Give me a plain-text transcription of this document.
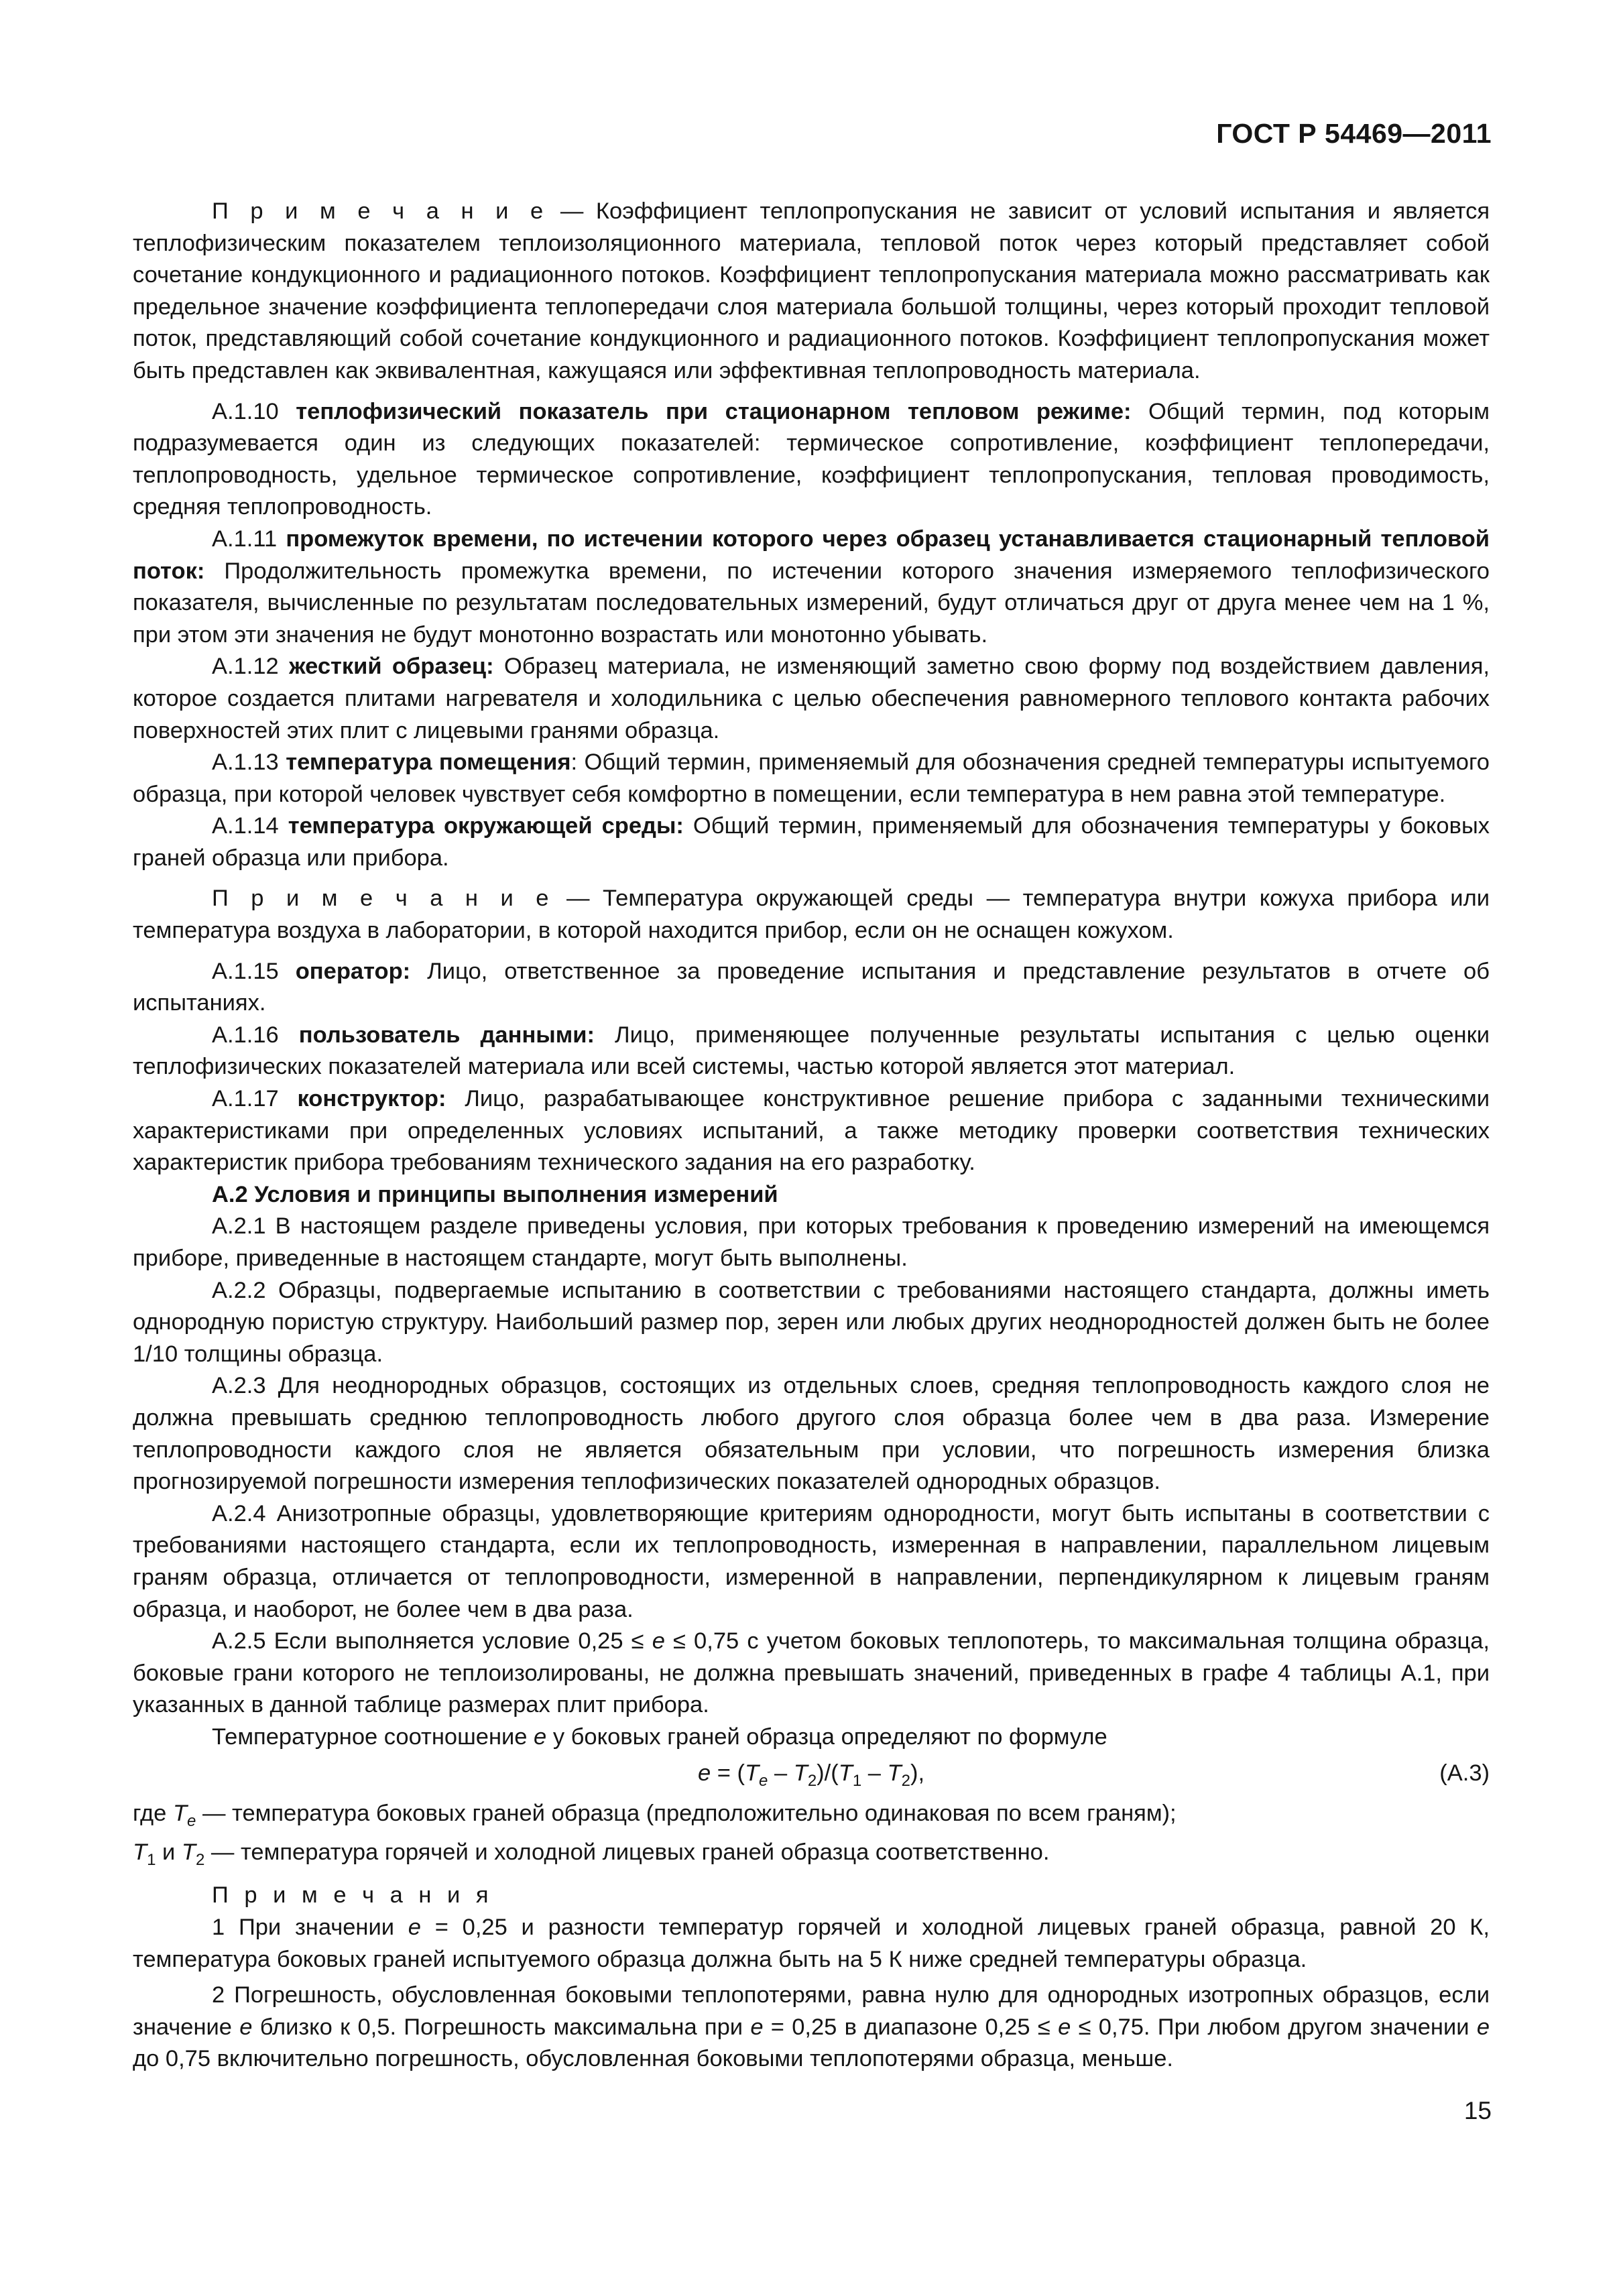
ГОСТ Р 54469—2011

П р и м е ч а н и е — Коэффициент теплопропускания не зависит от условий испытания и является теплофизическим показателем теплоизоляционного материала, тепловой поток через который представляет собой сочетание кондукционного и радиационного потоков. Коэффициент теплопропускания материала можно рассматривать как предельное значение коэффициента теплопередачи слоя материала большой толщины, через который проходит тепловой поток, представляющий собой сочетание кондукционного и радиационного потоков. Коэффициент теплопропускания может быть представлен как эквивалентная, кажущаяся или эффективная теплопроводность материала.

А.1.10 теплофизический показатель при стационарном тепловом режиме: Общий термин, под которым подразумевается один из следующих показателей: термическое сопротивление, коэффициент теплопередачи, теплопроводность, удельное термическое сопротивление, коэффициент теплопропускания, тепловая проводимость, средняя теплопроводность.

А.1.11 промежуток времени, по истечении которого через образец устанавливается стационарный тепловой поток: Продолжительность промежутка времени, по истечении которого значения измеряемого теплофизического показателя, вычисленные по результатам последовательных измерений, будут отличаться друг от друга менее чем на 1 %, при этом эти значения не будут монотонно возрастать или монотонно убывать.

А.1.12 жесткий образец: Образец материала, не изменяющий заметно свою форму под воздействием давления, которое создается плитами нагревателя и холодильника с целью обеспечения равномерного теплового контакта рабочих поверхностей этих плит с лицевыми гранями образца.

А.1.13 температура помещения: Общий термин, применяемый для обозначения средней температуры испытуемого образца, при которой человек чувствует себя комфортно в помещении, если температура в нем равна этой температуре.

А.1.14 температура окружающей среды: Общий термин, применяемый для обозначения температуры у боковых граней образца или прибора.

П р и м е ч а н и е — Температура окружающей среды — температура внутри кожуха прибора или температура воздуха в лаборатории, в которой находится прибор, если он не оснащен кожухом.

А.1.15 оператор: Лицо, ответственное за проведение испытания и представление результатов в отчете об испытаниях.

А.1.16 пользователь данными: Лицо, применяющее полученные результаты испытания с целью оценки теплофизических показателей материала или всей системы, частью которой является этот материал.

А.1.17 конструктор: Лицо, разрабатывающее конструктивное решение прибора с заданными техническими характеристиками при определенных условиях испытаний, а также методику проверки соответствия технических характеристик прибора требованиям технического задания на его разработку.

А.2 Условия и принципы выполнения измерений

А.2.1 В настоящем разделе приведены условия, при которых требования к проведению измерений на имеющемся приборе, приведенные в настоящем стандарте, могут быть выполнены.

А.2.2 Образцы, подвергаемые испытанию в соответствии с требованиями настоящего стандарта, должны иметь однородную пористую структуру. Наибольший размер пор, зерен или любых других неоднородностей должен быть не более 1/10 толщины образца.

А.2.3 Для неоднородных образцов, состоящих из отдельных слоев, средняя теплопроводность каждого слоя не должна превышать среднюю теплопроводность любого другого слоя образца более чем в два раза. Измерение теплопроводности каждого слоя не является обязательным при условии, что погрешность измерения близка прогнозируемой погрешности измерения теплофизических показателей однородных образцов.

А.2.4 Анизотропные образцы, удовлетворяющие критериям однородности, могут быть испытаны в соответствии с требованиями настоящего стандарта, если их теплопроводность, измеренная в направлении, параллельном лицевым граням образца, отличается от теплопроводности, измеренной в направлении, перпендикулярном к лицевым граням образца, и наоборот, не более чем в два раза.

А.2.5 Если выполняется условие 0,25 ≤ e ≤ 0,75 с учетом боковых теплопотерь, то максимальная толщина образца, боковые грани которого не теплоизолированы, не должна превышать значений, приведенных в графе 4 таблицы А.1, при указанных в данной таблице размерах плит прибора.

Температурное соотношение e у боковых граней образца определяют по формуле

$e = (T_e - T_2)/(T_1 - T_2)$,	(А.3)

где $T_e$ — температура боковых граней образца (предположительно одинаковая по всем граням);

$T_1$ и $T_2$ — температура горячей и холодной лицевых граней образца соответственно.

П р и м е ч а н и я

1 При значении e = 0,25 и разности температур горячей и холодной лицевых граней образца, равной 20 К, температура боковых граней испытуемого образца должна быть на 5 К ниже средней температуры образца.

2 Погрешность, обусловленная боковыми теплопотерями, равна нулю для однородных изотропных образцов, если значение e близко к 0,5. Погрешность максимальна при e = 0,25 в диапазоне 0,25 ≤ e ≤ 0,75. При любом другом значении e до 0,75 включительно погрешность, обусловленная боковыми теплопотерями образца, меньше.

15
